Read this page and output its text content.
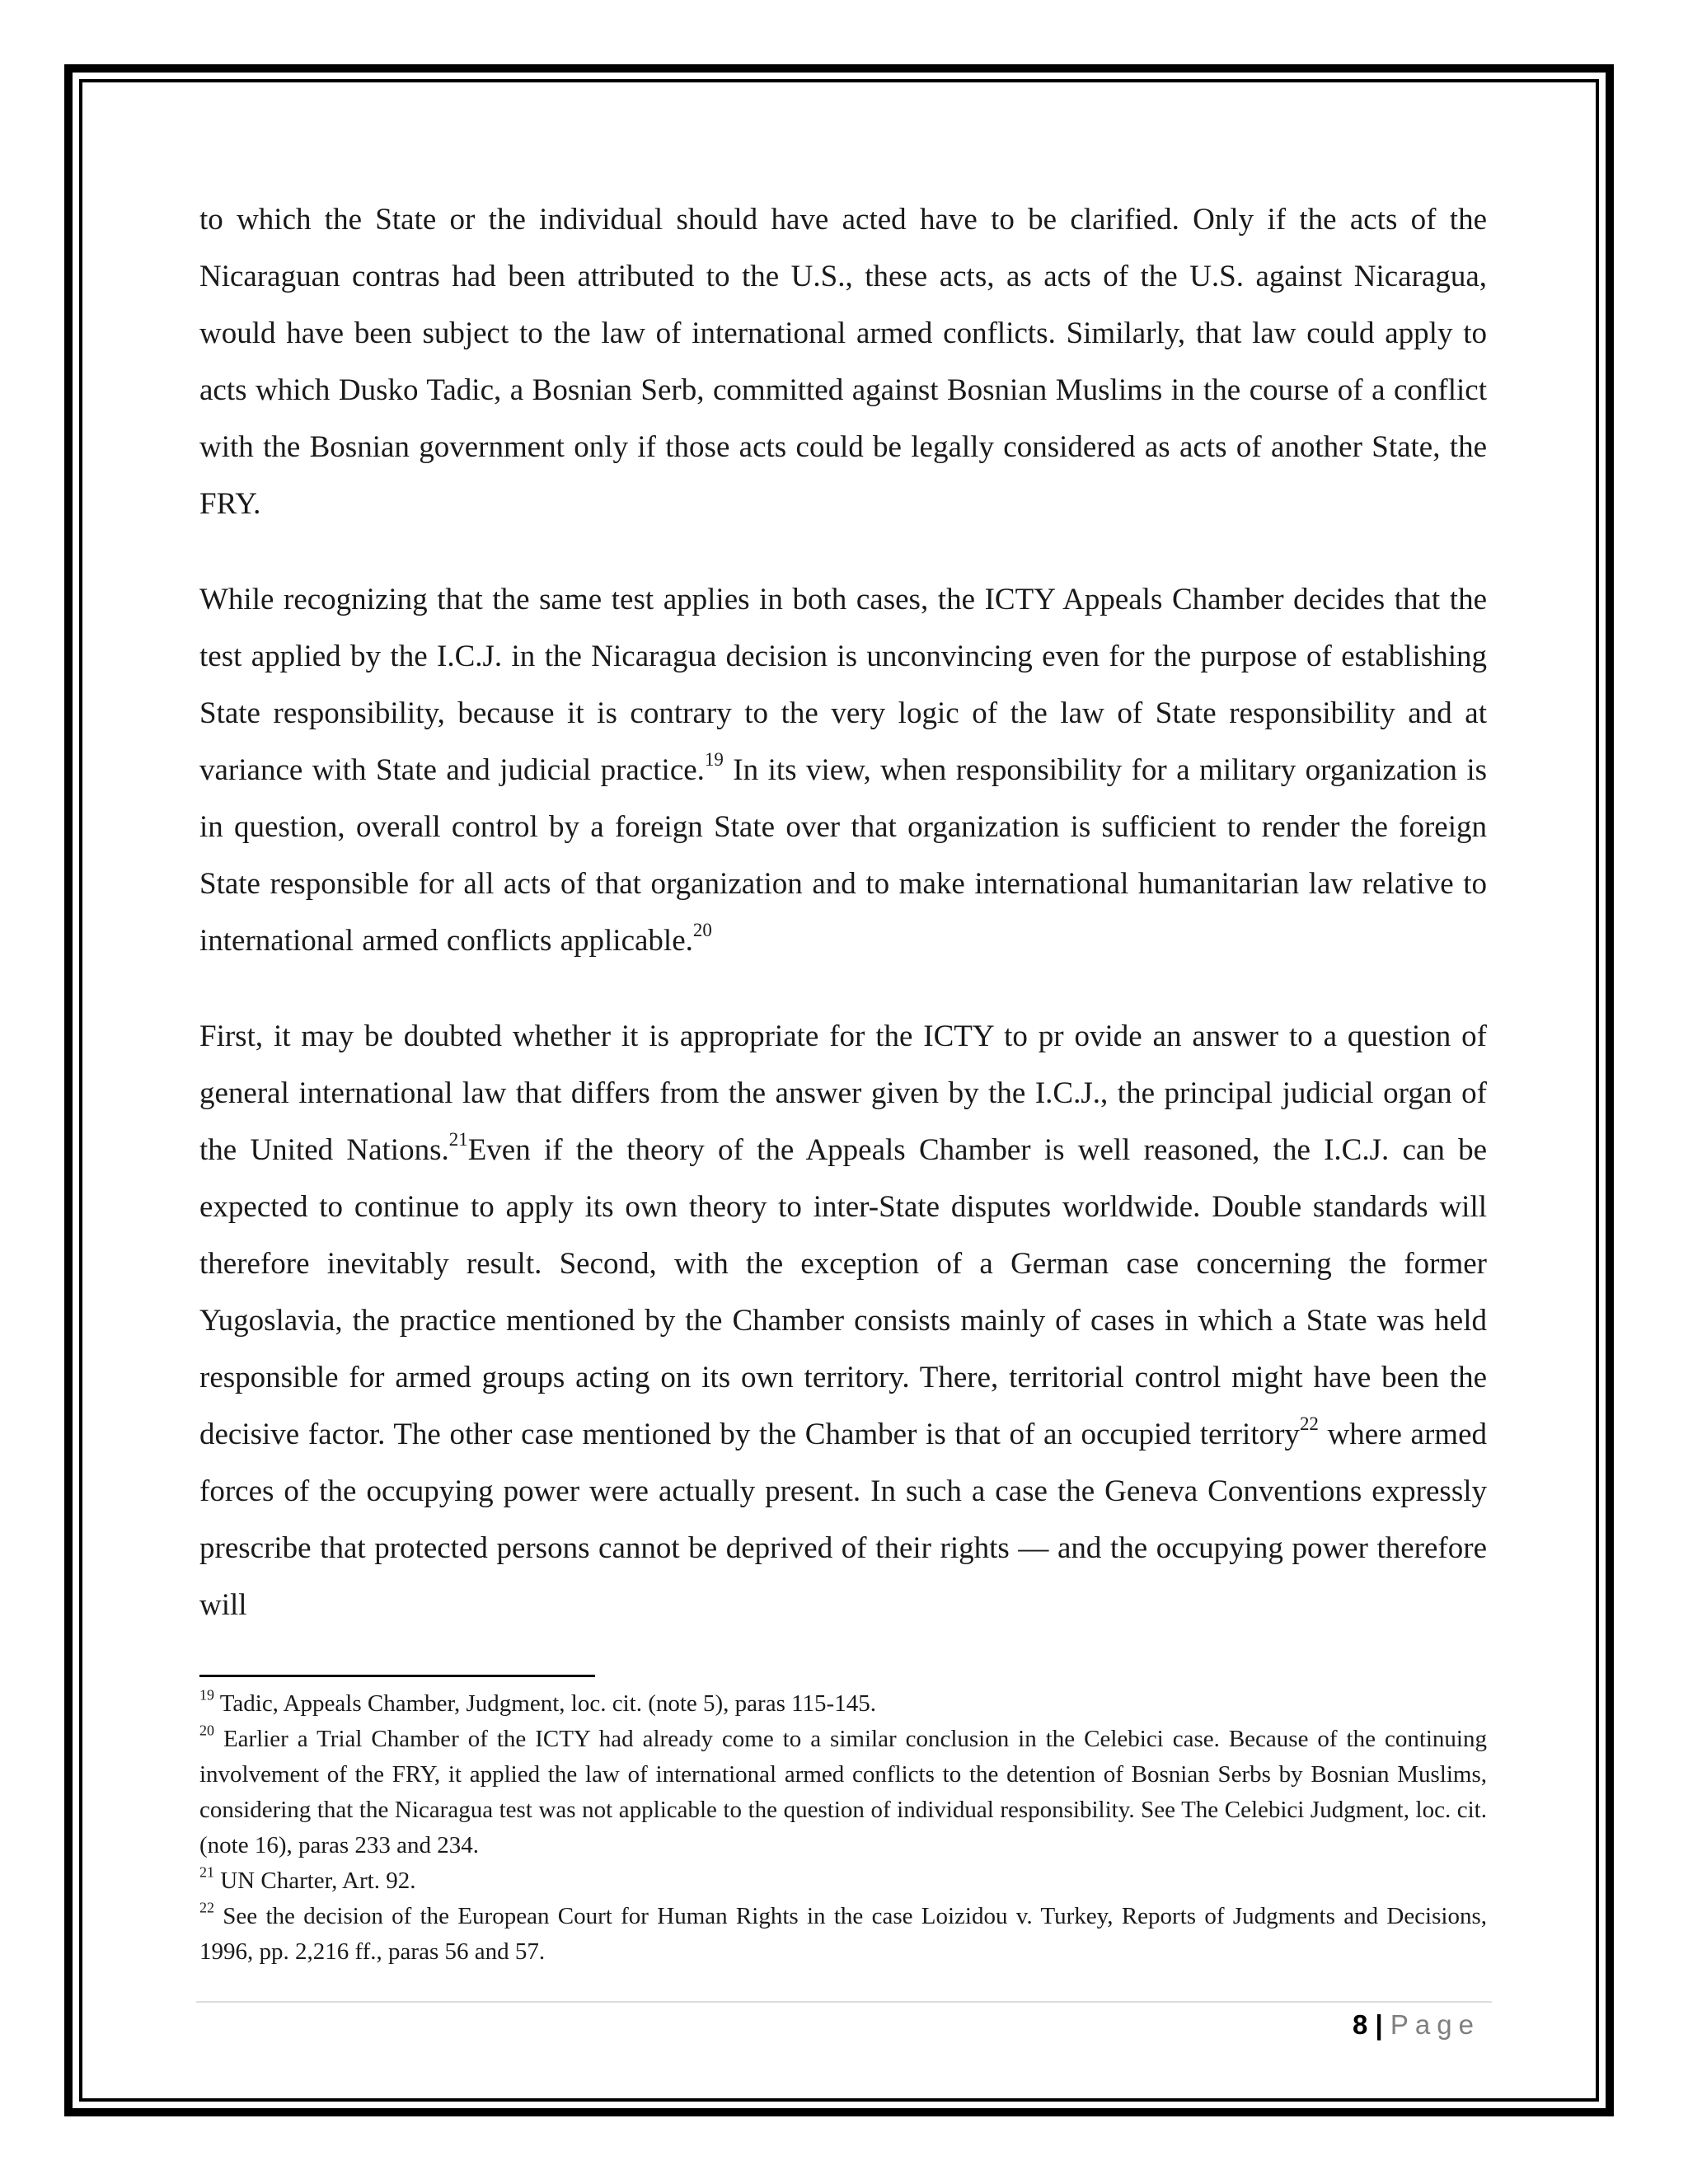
to which the State or the individual should have acted have to be clarified. Only if the acts of the Nicaraguan contras had been attributed to the U.S., these acts, as acts of the U.S. against Nicaragua, would have been subject to the law of international armed conflicts. Similarly, that law could apply to acts which Dusko Tadic, a Bosnian Serb, committed against Bosnian Muslims in the course of a conflict with the Bosnian government only if those acts could be legally considered as acts of another State, the FRY.

While recognizing that the same test applies in both cases, the ICTY Appeals Chamber decides that the test applied by the I.C.J. in the Nicaragua decision is unconvincing even for the purpose of establishing State responsibility, because it is contrary to the very logic of the law of State responsibility and at variance with State and judicial practice.$^{19}$ In its view, when responsibility for a military organization is in question, overall control by a foreign State over that organization is sufficient to render the foreign State responsible for all acts of that organization and to make international humanitarian law relative to international armed conflicts applicable.$^{20}$

First, it may be doubted whether it is appropriate for the ICTY to pr ovide an answer to a question of general international law that differs from the answer given by the I.C.J., the principal judicial organ of the United Nations.$^{21}$Even if the theory of the Appeals Chamber is well reasoned, the I.C.J. can be expected to continue to apply its own theory to inter-State disputes worldwide. Double standards will therefore inevitably result. Second, with the exception of a German case concerning the former Yugoslavia, the practice mentioned by the Chamber consists mainly of cases in which a State was held responsible for armed groups acting on its own territory. There, territorial control might have been the decisive factor. The other case mentioned by the Chamber is that of an occupied territory$^{22}$ where armed forces of the occupying power were actually present. In such a case the Geneva Conventions expressly prescribe that protected persons cannot be deprived of their rights — and the occupying power therefore will

$^{19}$ Tadic, Appeals Chamber, Judgment, loc. cit. (note 5), paras 115-145.

$^{20}$ Earlier a Trial Chamber of the ICTY had already come to a similar conclusion in the Celebici case. Because of the continuing involvement of the FRY, it applied the law of international armed conflicts to the detention of Bosnian Serbs by Bosnian Muslims, considering that the Nicaragua test was not applicable to the question of individual responsibility. See The Celebici Judgment, loc. cit. (note 16), paras 233 and 234.

$^{21}$ UN Charter, Art. 92.

$^{22}$ See the decision of the European Court for Human Rights in the case Loizidou v. Turkey, Reports of Judgments and Decisions, 1996, pp. 2,216 ff., paras 56 and 57.

8 | Page
